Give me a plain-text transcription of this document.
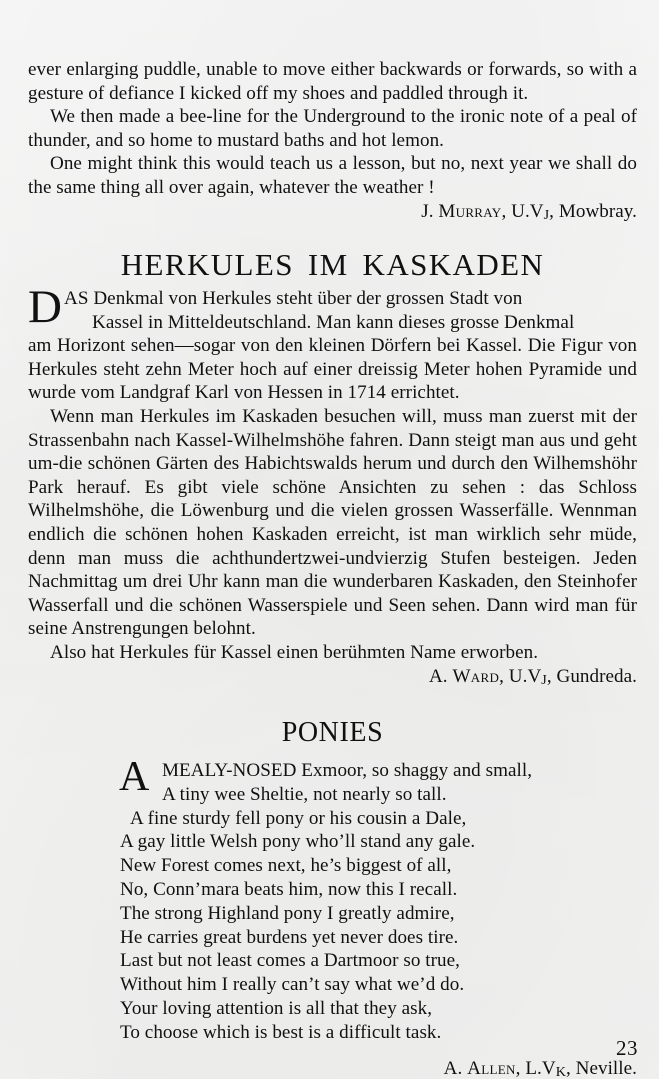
ever enlarging puddle, unable to move either backwards or forwards, so with a gesture of defiance I kicked off my shoes and paddled through it.

We then made a bee-line for the Underground to the ironic note of a peal of thunder, and so home to mustard baths and hot lemon.

One might think this would teach us a lesson, but no, next year we shall do the same thing all over again, whatever the weather !

J. Murray, U.VJ, Mowbray.

HERKULES IM KASKADEN
D AS Denkmal von Herkules steht über der grossen Stadt von

Kassel in Mitteldeutschland. Man kann dieses grosse Denkmal

am Horizont sehen—sogar von den kleinen Dörfern bei Kassel. Die Figur von Herkules steht zehn Meter hoch auf einer dreissig Meter hohen Pyramide und wurde vom Landgraf Karl von Hessen in 1714 errichtet.

Wenn man Herkules im Kaskaden besuchen will, muss man zuerst mit der Strassenbahn nach Kassel-Wilhelmshöhe fahren. Dann steigt man aus und geht um-die schönen Gärten des Habichtswalds herum und durch den Wilhemshöhr Park herauf. Es gibt viele schöne Ansichten zu sehen : das Schloss Wilhelmshöhe, die Löwenburg und die vielen grossen Wasserfälle. Wennman endlich die schönen hohen Kaskaden erreicht, ist man wirklich sehr müde, denn man muss die achthundertzwei-undvierzig Stufen besteigen. Jeden Nachmittag um drei Uhr kann man die wunderbaren Kaskaden, den Steinhofer Wasserfall und die schönen Wasserspiele und Seen sehen. Dann wird man für seine Anstrengungen belohnt.

Also hat Herkules für Kassel einen berühmten Name erworben.

A. Ward, U.VJ, Gundreda.

PONIES
A MEALY-NOSED Exmoor, so shaggy and small,

A tiny wee Sheltie, not nearly so tall.

A fine sturdy fell pony or his cousin a Dale,

A gay little Welsh pony who’ll stand any gale.

New Forest comes next, he’s biggest of all,

No, Conn’mara beats him, now this I recall.

The strong Highland pony I greatly admire,

He carries great burdens yet never does tire.

Last but not least comes a Dartmoor so true,

Without him I really can’t say what we’d do.

Your loving attention is all that they ask,

To choose which is best is a difficult task.

A. Allen, L.VK, Neville.

23
